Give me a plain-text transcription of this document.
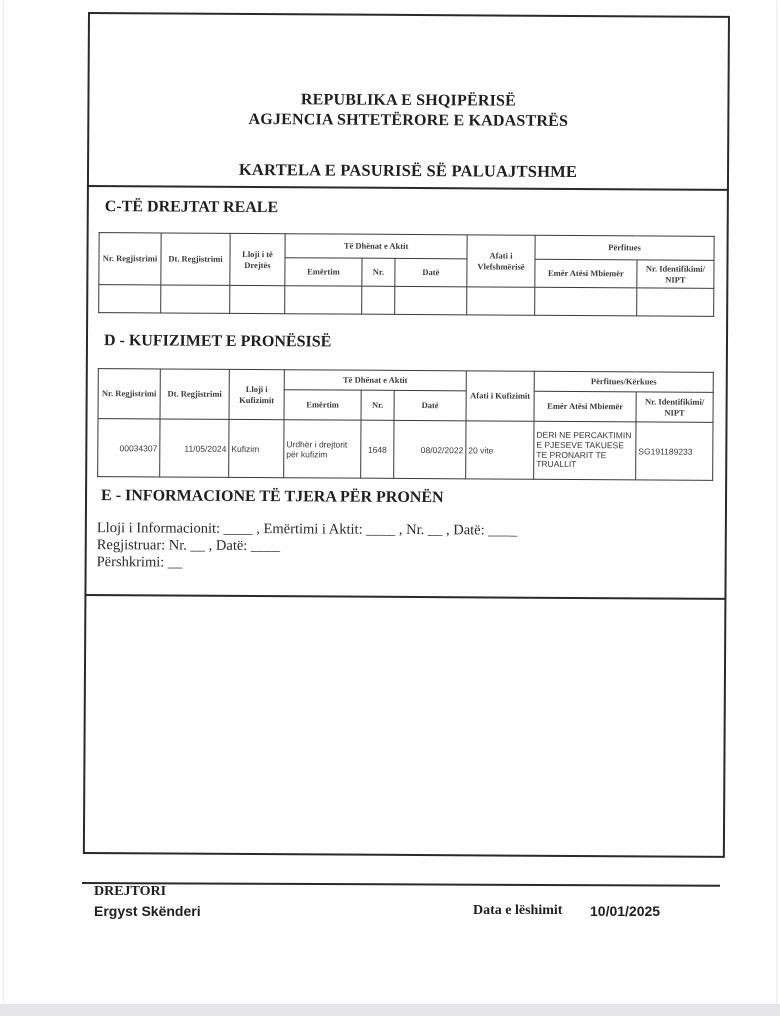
REPUBLIKA E SHQIPËRISË
AGJENCIA SHTETËRORE E KADASTRËS
KARTELA E PASURISË SË PALUAJTSHME
C-TË DREJTAT REALE
Nr. Regjistrimi	Dt. Regjistrimi	Lloji i të Drejtës	Të Dhënat e Aktit			Afati i Vlefshmërisë	Përfitues	
			Emërtim	Nr.	Datë		Emër Atësi Mbiemër	Nr. Identifikimi/ NIPT

D - KUFIZIMET E PRONËSISË
Nr. Regjistrimi	Dt. Regjistrimi	Lloji i Kufizimit	Të Dhënat e Aktit			Afati i Kufizimit	Përfitues/Kërkues	
			Emërtim	Nr.	Datë		Emër Atësi Mbiemër	Nr. Identifikimi/ NIPT
00034307	11/05/2024	Kufizim	Urdhër i drejtorit për kufizim	1648	08/02/2022	20 vite	DERI NE PERCAKTIMIN E PJESEVE TAKUESE TE PRONARIT TE TRUALLIT	SG191189233
E - INFORMACIONE TË TJERA PËR PRONËN
Lloji i Informacionit: ____ , Emërtimi i Aktit: ____ , Nr. __ , Datë: ____
Regjistruar: Nr. __ , Datë: ____
Përshkrimi: __
DREJTORI
Ergyst Skënderi	Data e lëshimit 10/01/2025
